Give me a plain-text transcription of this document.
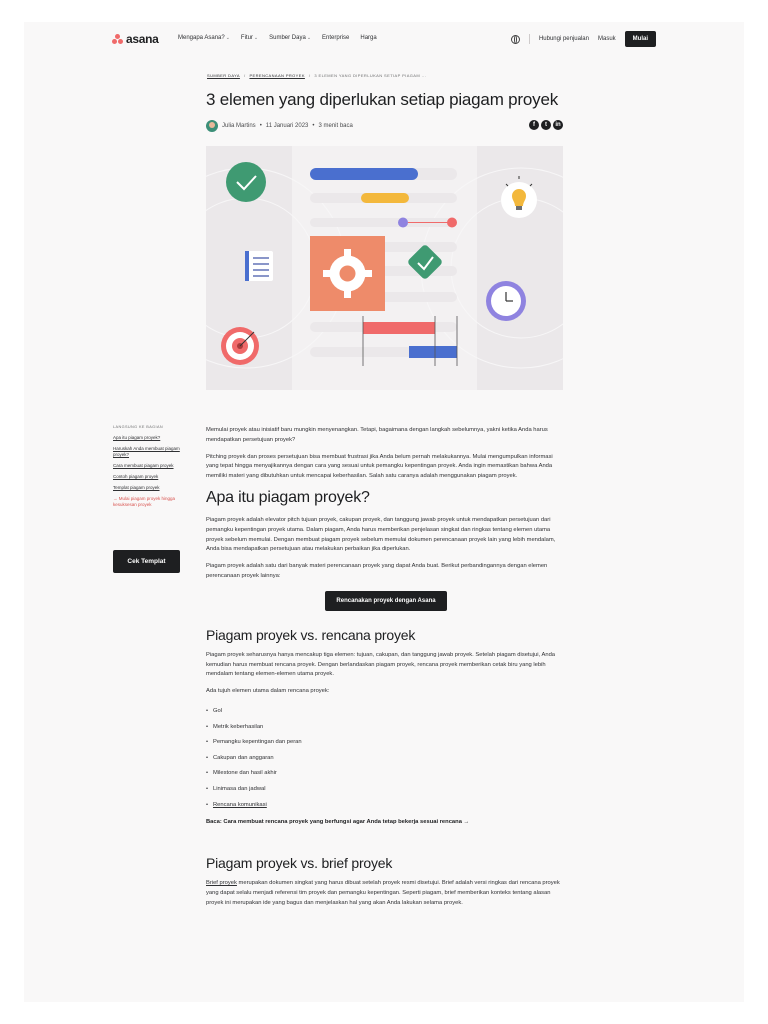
asana	Mengapa Asana?⌄ Fitur⌄ Sumber Daya⌄ Enterprise Harga	Hubungi penjualan Masuk	Mulai
SUMBER DAYA / PERENCANAAN PROYEK / 3 ELEMEN YANG DIPERLUKAN SETIAP PIAGAM ...
3 elemen yang diperlukan setiap piagam proyek
Julia Martins • 11 Januari 2023 • 3 menit baca	f	t	in
LANGSUNG KE BAGIAN
Apa itu piagam proyek?
Haruskah Anda membuat piagam proyek?
Cara membuat piagam proyek
Contoh piagam proyek
Templat piagam proyek
→ Mulai piagam proyek hingga kesuksesan proyek
Cek Templat

Memulai proyek atau inisiatif baru mungkin menyenangkan. Tetapi, bagaimana dengan langkah sebelumnya, yakni ketika Anda harus mendapatkan persetujuan proyek?

Pitching proyek dan proses persetujuan bisa membuat frustrasi jika Anda belum pernah melakukannya. Mulai mengumpulkan informasi yang tepat hingga menyajikannya dengan cara yang sesuai untuk pemangku kepentingan proyek. Anda ingin memastikan bahwa Anda memiliki materi yang dibutuhkan untuk mencapai keberhasilan. Salah satu caranya adalah menggunakan piagam proyek.

Apa itu piagam proyek?

Piagam proyek adalah elevator pitch tujuan proyek, cakupan proyek, dan tanggung jawab proyek untuk mendapatkan persetujuan dari pemangku kepentingan proyek utama. Dalam piagam, Anda harus memberikan penjelasan singkat dan ringkas tentang elemen utama proyek sebelum memulai. Dengan membuat piagam proyek sebelum memulai dokumen perencanaan proyek lain yang lebih mendalam, Anda bisa mendapatkan persetujuan atau melakukan perbaikan jika diperlukan.

Piagam proyek adalah satu dari banyak materi perencanaan proyek yang dapat Anda buat. Berikut perbandingannya dengan elemen perencanaan proyek lainnya:

Rencanakan proyek dengan Asana
Piagam proyek vs. rencana proyek

Piagam proyek seharusnya hanya mencakup tiga elemen: tujuan, cakupan, dan tanggung jawab proyek. Setelah piagam disetujui, Anda kemudian harus membuat rencana proyek. Dengan berlandaskan piagam proyek, rencana proyek memberikan cetak biru yang lebih mendalam tentang elemen-elemen utama proyek.

Ada tujuh elemen utama dalam rencana proyek:

• Gol
• Metrik keberhasilan
• Pemangku kepentingan dan peran
• Cakupan dan anggaran
• Milestone dan hasil akhir
• Linimasa dan jadwal
• Rencana komunikasi

Baca: Cara membuat rencana proyek yang berfungsi agar Anda tetap bekerja sesuai rencana →

Piagam proyek vs. brief proyek

Brief proyek merupakan dokumen singkat yang harus dibuat setelah proyek resmi disetujui. Brief adalah versi ringkas dari rencana proyek yang dapat selalu menjadi referensi tim proyek dan pemangku kepentingan. Seperti piagam, brief memberikan konteks tentang alasan proyek ini merupakan ide yang bagus dan menjelaskan hal yang akan Anda lakukan selama proyek.
